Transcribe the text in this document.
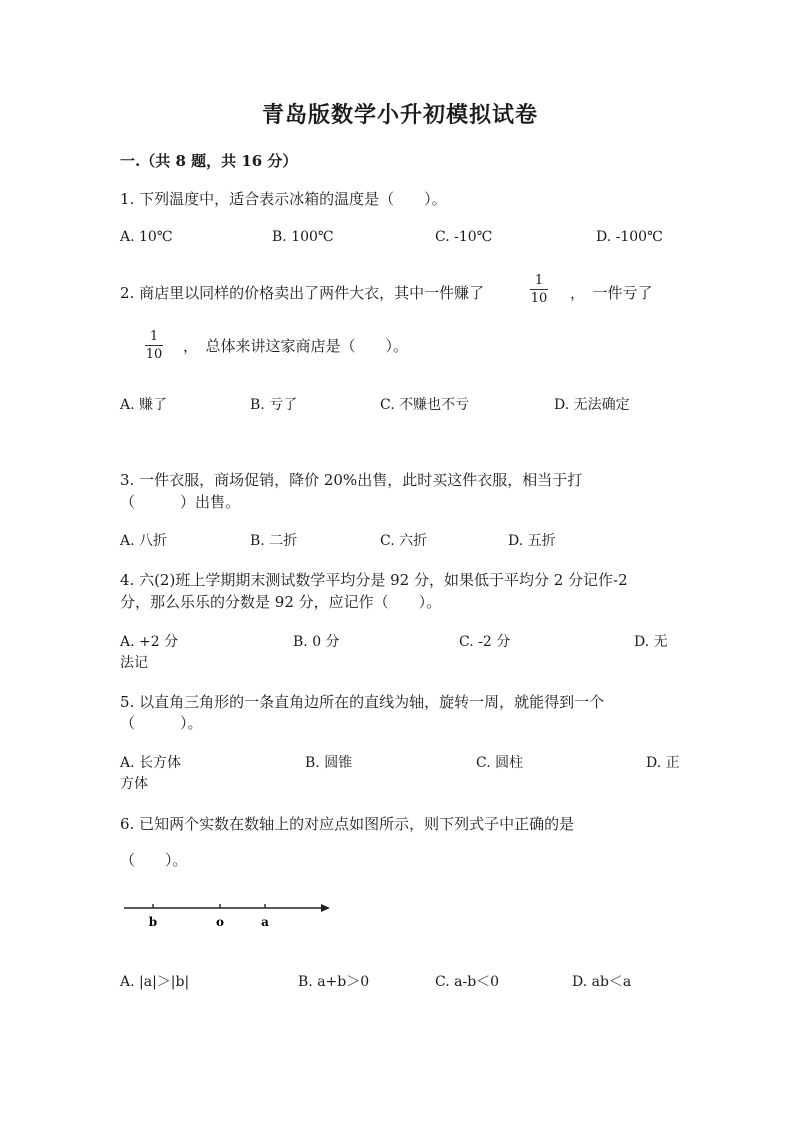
青岛版数学小升初模拟试卷
一.（共 8 题，共 16 分）
1. 下列温度中，适合表示冰箱的温度是（　　）。
A. 10℃	B. 100℃	C. -10℃	D. -100℃
2. 商店里以同样的价格卖出了两件大衣，其中一件赚了
1
10 ，　一件亏了
1
10 ，　总体来讲这家商店是（　　）。
A. 赚了	B. 亏了	C. 不赚也不亏	D. 无法确定
3. 一件衣服，商场促销，降价 20%出售，此时买这件衣服，相当于打
（　　　）出售。
A. 八折	B. 二折	C. 六折	D. 五折
4. 六(2)班上学期期末测试数学平均分是 92 分，如果低于平均分 2 分记作-2
分，那么乐乐的分数是 92 分，应记作（　　）。
A. +2 分	B. 0 分	C. -2 分	D. 无
法记
5. 以直角三角形的一条直角边所在的直线为轴，旋转一周，就能得到一个
（　　　）。
A. 长方体	B. 圆锥	C. 圆柱	D. 正
方体
6. 已知两个实数在数轴上的对应点如图所示，则下列式子中正确的是
（　　）。
b	o	a
A. |a|＞|b|	B. a+b＞0	C. a-b＜0	D. ab＜a
